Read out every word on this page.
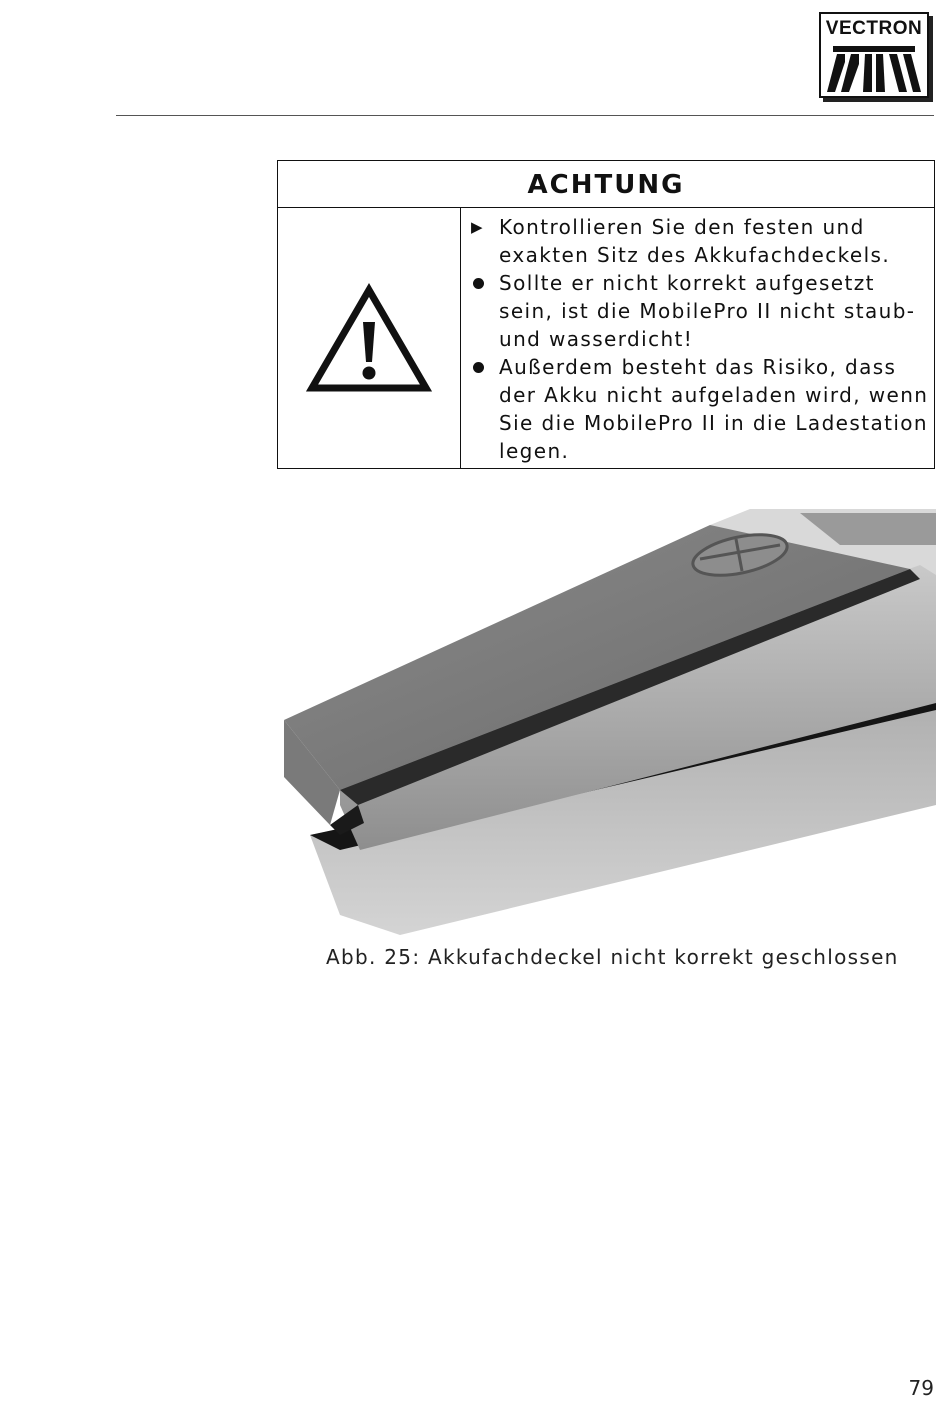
VECTRON
ACHTUNG
▶ Kontrollieren Sie den festen und exakten Sitz des Akkufachdeckels.
Sollte er nicht korrekt aufgesetzt sein, ist die MobilePro II nicht staub- und wasserdicht!
Außerdem besteht das Risiko, dass der Akku nicht aufgeladen wird, wenn Sie die MobilePro II in die Ladestation legen.
Abb. 25: Akkufachdeckel nicht korrekt geschlossen
79
